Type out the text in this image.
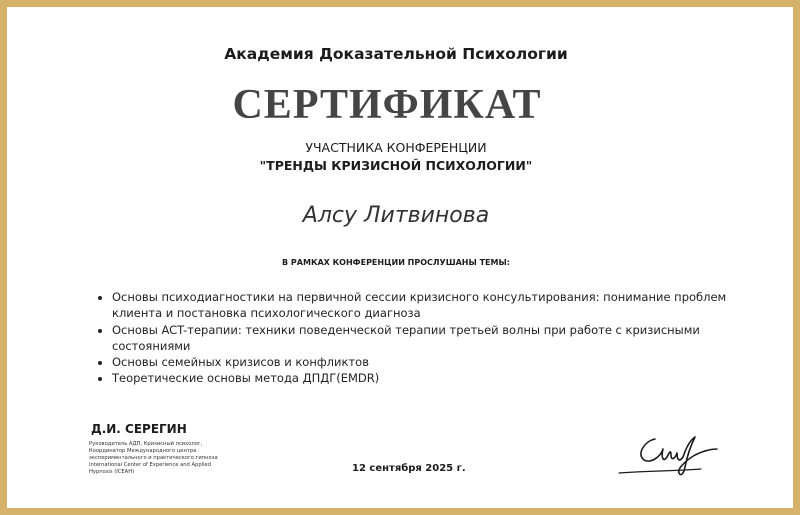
Академия Доказательной Психологии
СЕРТИФИКАТ
УЧАСТНИКА КОНФЕРЕНЦИИ
"ТРЕНДЫ КРИЗИСНОЙ ПСИХОЛОГИИ"
Алсу Литвинова
В РАМКАХ КОНФЕРЕНЦИИ ПРОСЛУШАНЫ ТЕМЫ:
• Основы психодиагностики на первичной сессии кризисного консультирования: понимание проблем клиента и постановка психологического диагноза
• Основы ACT-терапии: техники поведенческой терапии третьей волны при работе с кризисными состояниями
• Основы семейных кризисов и конфликтов
• Теоретические основы метода ДПДГ(EMDR)
Д.И. СЕРЕГИН
Руководитель АДП, Кризисный психолог, Координатор Международного центра экспериментального и практического гипноза International Center of Experience and Applied Hypnosis (ICEAH)	12 сентября 2025 г.
